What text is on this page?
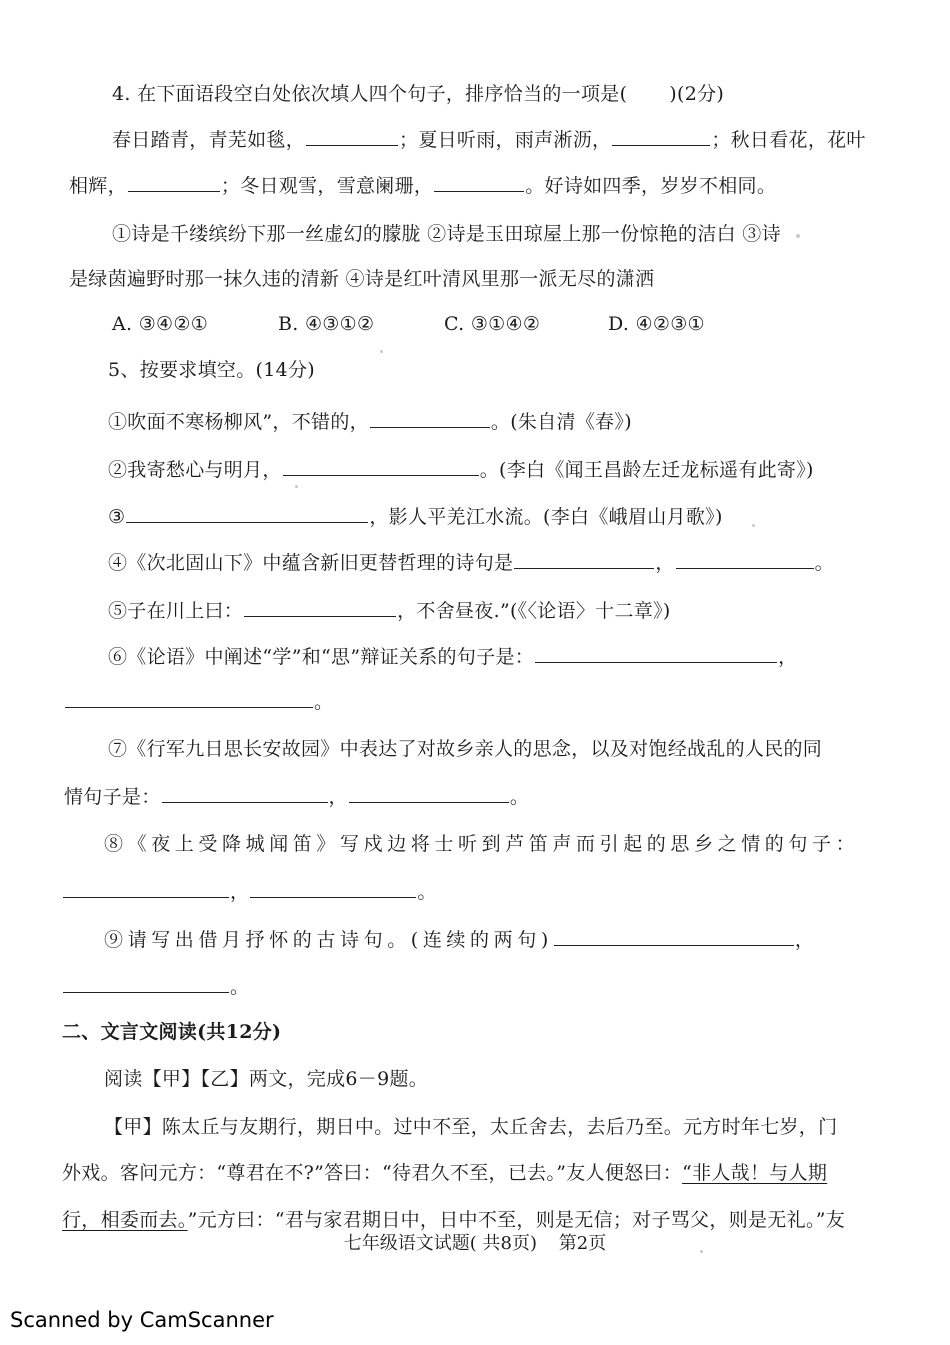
4. 在下面语段空白处依次填人四个句子，排序恰当的一项是( )(2分)
春日踏青，青芜如毯，	；夏日听雨，雨声淅沥，	；秋日看花，花叶
相辉，	；冬日观雪，雪意阑珊，	。好诗如四季，岁岁不相同。
①诗是千缕缤纷下那一丝虚幻的朦胧 ②诗是玉田琼屋上那一份惊艳的洁白 ③诗
是绿茵遍野时那一抹久违的清新 ④诗是红叶清风里那一派无尽的潇洒
A. ③④②①	B. ④③①②	C. ③①④②	D. ④②③①
5、按要求填空。(14分)
①吹面不寒杨柳风”，不错的，	。(朱自清《春》)
②我寄愁心与明月，	。(李白《闻王昌龄左迁龙标遥有此寄》)
③	，影人平羌江水流。(李白《峨眉山月歌》)
④《次北固山下》中蕴含新旧更替哲理的诗句是	，	。
⑤子在川上曰：	，不舍昼夜.”(《〈论语〉十二章》)
⑥《论语》中阐述“学”和“思”辩证关系的句子是：	，
。
⑦《行军九日思长安故园》中表达了对故乡亲人的思念，以及对饱经战乱的人民的同
情句子是：	，	。
⑧《夜上受降城闻笛》写戍边将士听到芦笛声而引起的思乡之情的句子：
，	。
⑨请写出借月抒怀的古诗句。(连续的两句)	，
。
二、文言文阅读(共12分)
阅读【甲】【乙】两文，完成6－9题。
【甲】陈太丘与友期行，期日中。过中不至，太丘舍去，去后乃至。元方时年七岁，门
外戏。客问元方：“尊君在不?”答曰：“待君久不至，已去。”友人便怒曰：“非人哉！与人期
行，相委而去。”元方曰：“君与家君期日中，日中不至，则是无信；对子骂父，则是无礼。”友
七年级语文试题( 共8页) 第2页
Scanned by CamScanner
